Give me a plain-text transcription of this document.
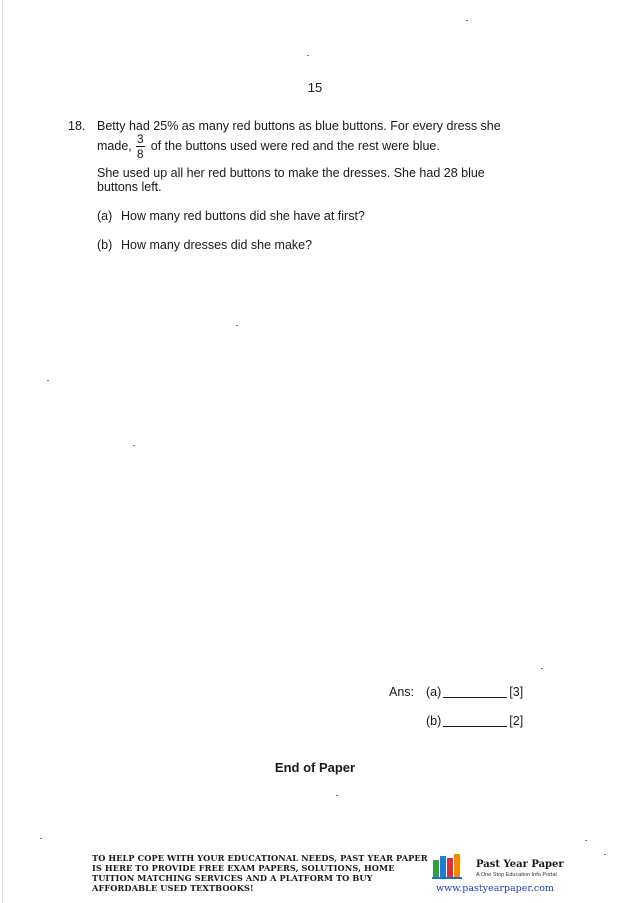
15
18. Betty had 25% as many red buttons as blue buttons. For every dress she
made, $\frac{3}{8}$ of the buttons used were red and the rest were blue.
She used up all her red buttons to make the dresses. She had 28 blue
buttons left.
(a) How many red buttons did she have at first?
(b) How many dresses did she make?
Ans: (a)	[3]
(b)	[2]
End of Paper
TO HELP COPE WITH YOUR EDUCATIONAL NEEDS, PAST YEAR PAPER
IS HERE TO PROVIDE FREE EXAM PAPERS, SOLUTIONS, HOME
TUITION MATCHING SERVICES AND A PLATFORM TO BUY
AFFORDABLE USED TEXTBOOKS!
Past Year Paper
A One Stop Education Info Portal
www.pastyearpaper.com
